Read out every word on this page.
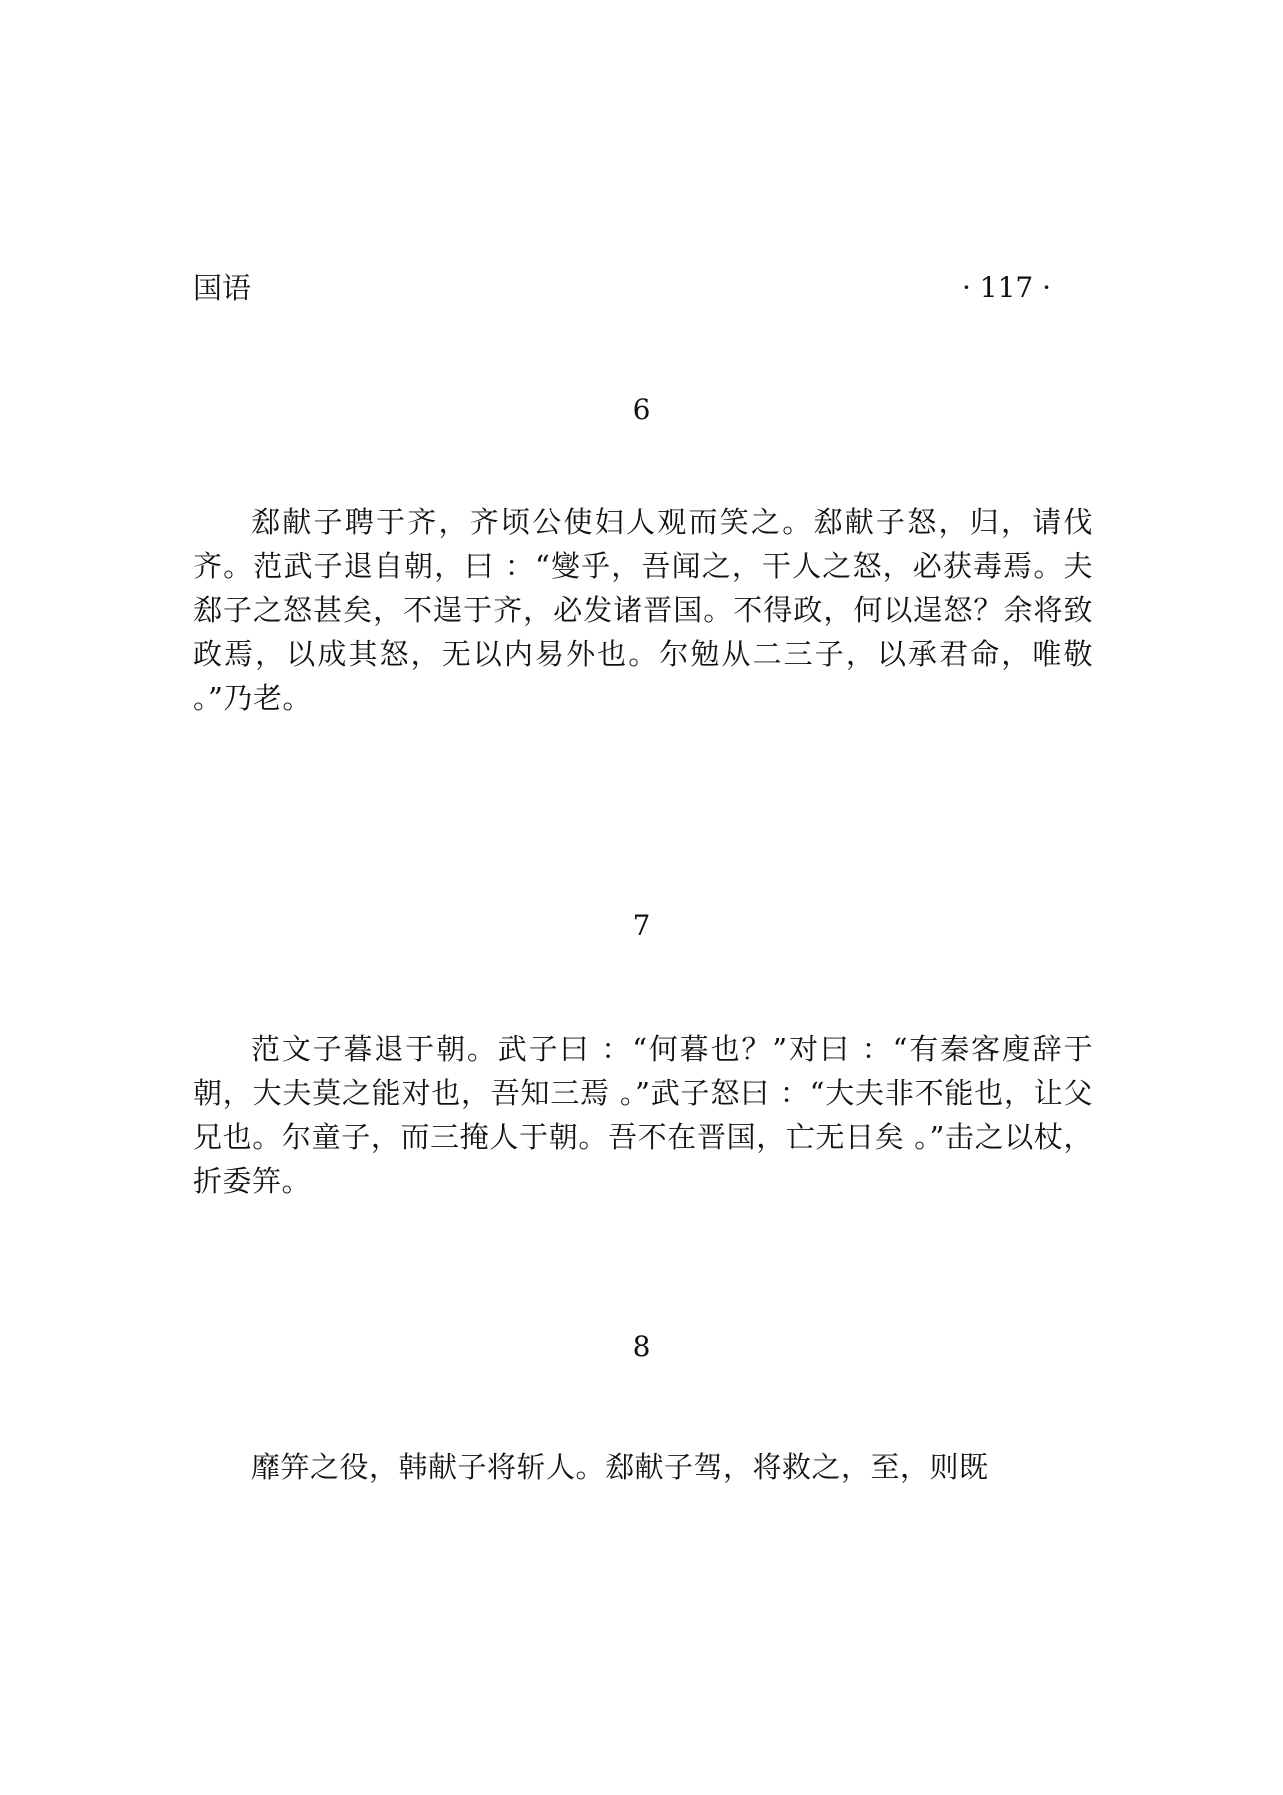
国语	· 117 ·
6
郄献子聘于齐，齐顷公使妇人观而笑之。郄献子怒，归，请伐齐。范武子退自朝，曰 ：“燮乎，吾闻之，干人之怒，必获毒焉。夫郄子之怒甚矣，不逞于齐，必发诸晋国。不得政，何以逞怒？余将致政焉，以成其怒，无以内易外也。尔勉从二三子，以承君命，唯敬 。”乃老。
7
范文子暮退于朝。武子曰 ：“何暮也？”对曰 ：“有秦客廋辞于朝，大夫莫之能对也，吾知三焉 。”武子怒曰 ：“大夫非不能也，让父兄也。尔童子，而三掩人于朝。吾不在晋国，亡无日矣 。”击之以杖，折委笄。
8
靡笄之役，韩献子将斩人。郄献子驾，将救之，至，则既
